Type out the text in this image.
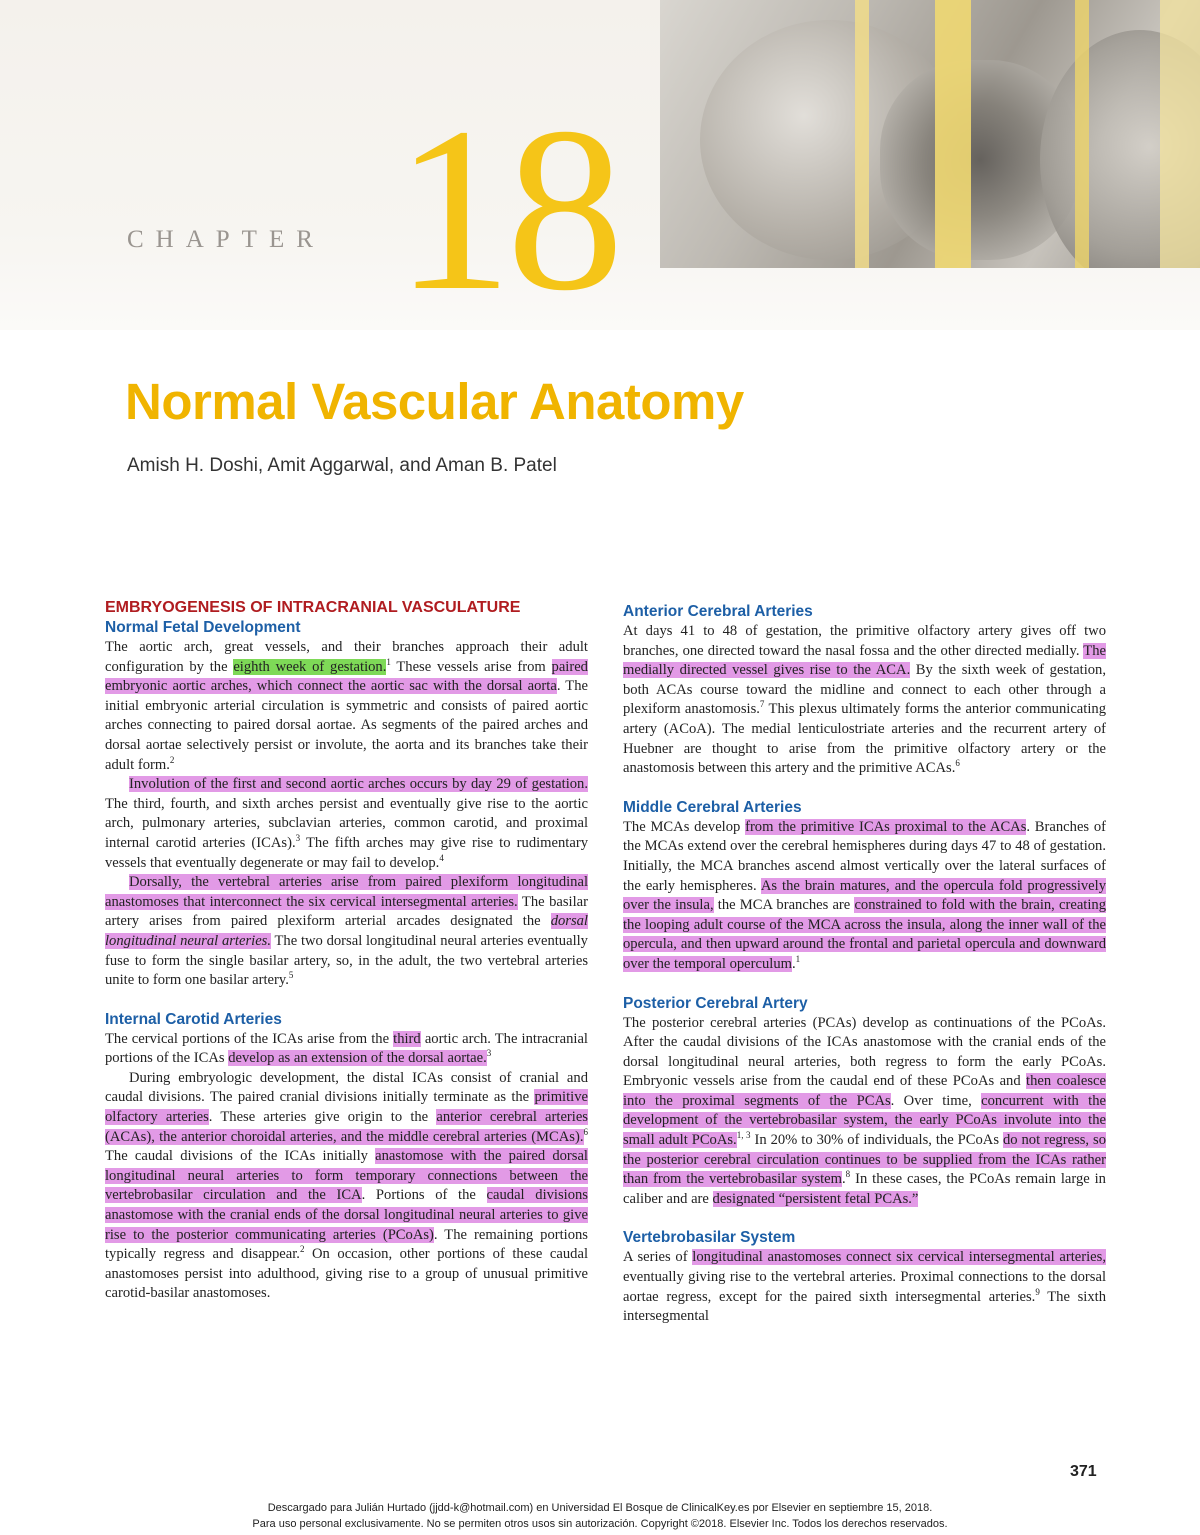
CHAPTER 18
Normal Vascular Anatomy

Amish H. Doshi, Amit Aggarwal, and Aman B. Patel

EMBRYOGENESIS OF INTRACRANIAL VASCULATURE
Normal Fetal Development

The aortic arch, great vessels, and their branches approach their adult configuration by the eighth week of gestation.$^1$ These vessels arise from paired embryonic aortic arches, which connect the aortic sac with the dorsal aorta. The initial embryonic arterial circulation is symmetric and consists of paired aortic arches connecting to paired dorsal aortae. As segments of the paired arches and dorsal aortae selectively persist or involute, the aorta and its branches take their adult form.$^2$

Involution of the first and second aortic arches occurs by day 29 of gestation. The third, fourth, and sixth arches persist and eventually give rise to the aortic arch, pulmonary arteries, subclavian arteries, common carotid, and proximal internal carotid arteries (ICAs).$^3$ The fifth arches may give rise to rudimentary vessels that eventually degenerate or may fail to develop.$^4$

Dorsally, the vertebral arteries arise from paired plexiform longitudinal anastomoses that interconnect the six cervical intersegmental arteries. The basilar artery arises from paired plexiform arterial arcades designated the dorsal longitudinal neural arteries. The two dorsal longitudinal neural arteries eventually fuse to form the single basilar artery, so, in the adult, the two vertebral arteries unite to form one basilar artery.$^5$

Internal Carotid Arteries

The cervical portions of the ICAs arise from the third aortic arch. The intracranial portions of the ICAs develop as an extension of the dorsal aortae.$^3$

During embryologic development, the distal ICAs consist of cranial and caudal divisions. The paired cranial divisions initially terminate as the primitive olfactory arteries. These arteries give origin to the anterior cerebral arteries (ACAs), the anterior choroidal arteries, and the middle cerebral arteries (MCAs).$^6$ The caudal divisions of the ICAs initially anastomose with the paired dorsal longitudinal neural arteries to form temporary connections between the vertebrobasilar circulation and the ICA. Portions of the caudal divisions anastomose with the cranial ends of the dorsal longitudinal neural arteries to give rise to the posterior communicating arteries (PCoAs). The remaining portions typically regress and disappear.$^2$ On occasion, other portions of these caudal anastomoses persist into adulthood, giving rise to a group of unusual primitive carotid-basilar anastomoses.

Anterior Cerebral Arteries

At days 41 to 48 of gestation, the primitive olfactory artery gives off two branches, one directed toward the nasal fossa and the other directed medially. The medially directed vessel gives rise to the ACA. By the sixth week of gestation, both ACAs course toward the midline and connect to each other through a plexiform anastomosis.$^7$ This plexus ultimately forms the anterior communicating artery (ACoA). The medial lenticulostriate arteries and the recurrent artery of Huebner are thought to arise from the primitive olfactory artery or the anastomosis between this artery and the primitive ACAs.$^6$

Middle Cerebral Arteries

The MCAs develop from the primitive ICAs proximal to the ACAs. Branches of the MCAs extend over the cerebral hemispheres during days 47 to 48 of gestation. Initially, the MCA branches ascend almost vertically over the lateral surfaces of the early hemispheres. As the brain matures, and the opercula fold progressively over the insula, the MCA branches are constrained to fold with the brain, creating the looping adult course of the MCA across the insula, along the inner wall of the opercula, and then upward around the frontal and parietal opercula and downward over the temporal operculum.$^1$

Posterior Cerebral Artery

The posterior cerebral arteries (PCAs) develop as continuations of the PCoAs. After the caudal divisions of the ICAs anastomose with the cranial ends of the dorsal longitudinal neural arteries, both regress to form the early PCoAs. Embryonic vessels arise from the caudal end of these PCoAs and then coalesce into the proximal segments of the PCAs. Over time, concurrent with the development of the vertebrobasilar system, the early PCoAs involute into the small adult PCoAs.$^{1, 3}$ In 20% to 30% of individuals, the PCoAs do not regress, so the posterior cerebral circulation continues to be supplied from the ICAs rather than from the vertebrobasilar system.$^8$ In these cases, the PCoAs remain large in caliber and are designated “persistent fetal PCAs.”

Vertebrobasilar System

A series of longitudinal anastomoses connect six cervical intersegmental arteries, eventually giving rise to the vertebral arteries. Proximal connections to the dorsal aortae regress, except for the paired sixth intersegmental arteries.$^9$ The sixth intersegmental

371
Descargado para Julián Hurtado (jjdd-k@hotmail.com) en Universidad El Bosque de ClinicalKey.es por Elsevier en septiembre 15, 2018.
Para uso personal exclusivamente. No se permiten otros usos sin autorización. Copyright ©2018. Elsevier Inc. Todos los derechos reservados.
